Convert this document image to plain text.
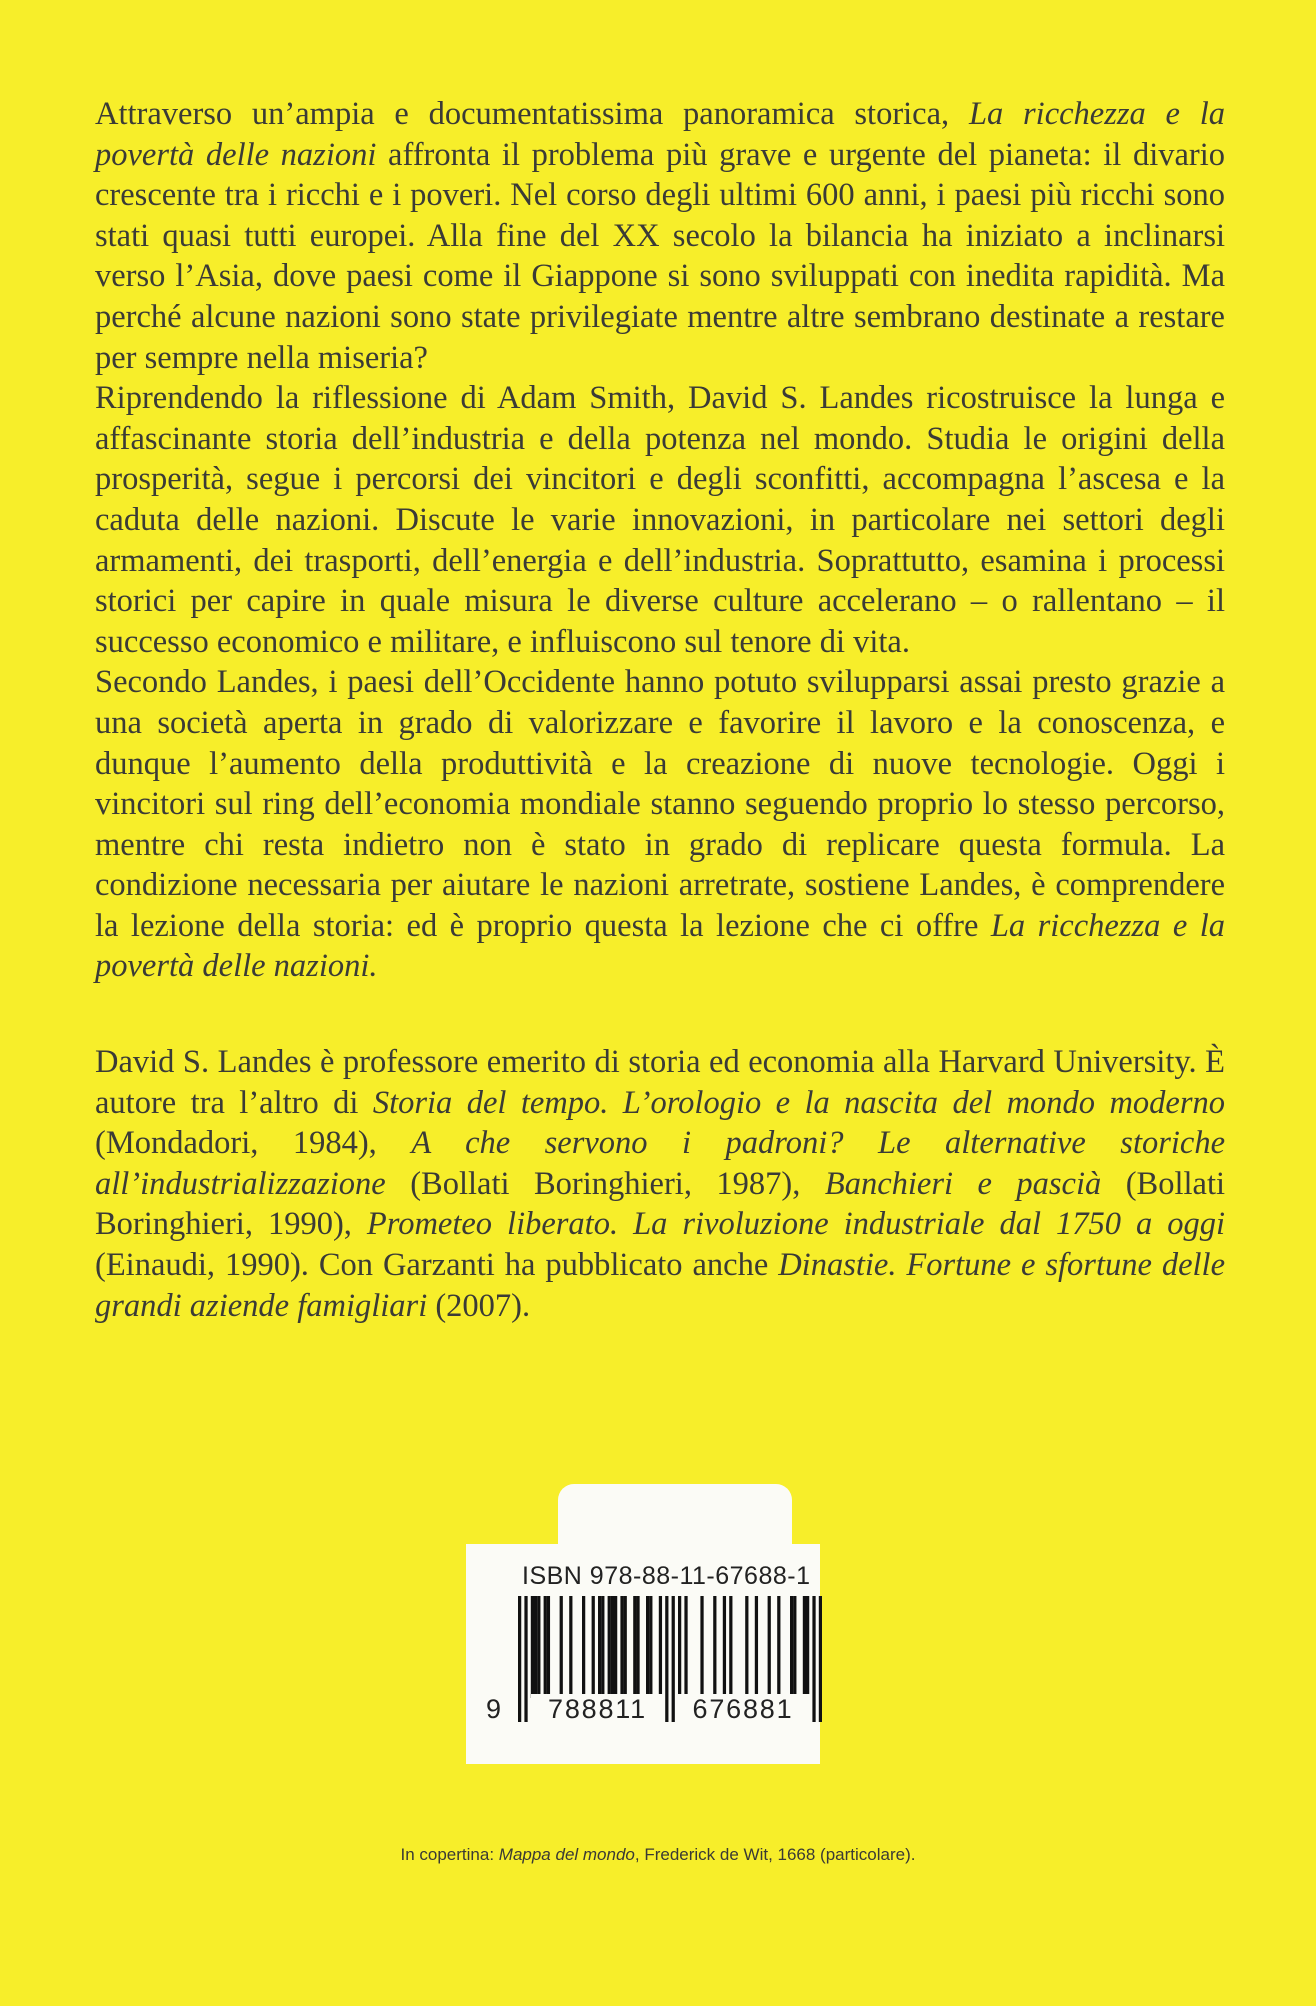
Attraverso un’ampia e documentatissima panoramica storica, La ricchezza e la povertà delle nazioni affronta il problema più grave e urgente del pianeta: il divario crescente tra i ricchi e i poveri. Nel corso degli ultimi 600 anni, i paesi più ricchi sono stati quasi tutti europei. Alla fine del XX secolo la bilancia ha iniziato a inclinarsi verso l’Asia, dove paesi come il Giappone si sono sviluppati con inedita rapidità. Ma perché alcune nazioni sono state privilegiate mentre altre sembrano destinate a restare per sempre nella miseria?

Riprendendo la riflessione di Adam Smith, David S. Landes ricostruisce la lunga e affascinante storia dell’industria e della potenza nel mondo. Studia le origini della prosperità, segue i percorsi dei vincitori e degli sconfitti, accompagna l’ascesa e la caduta delle nazioni. Discute le varie innovazioni, in particolare nei settori degli armamenti, dei trasporti, dell’energia e dell’industria. Soprattutto, esamina i processi storici per capire in quale misura le diverse culture accelerano – o rallentano – il successo economico e militare, e influiscono sul tenore di vita.

Secondo Landes, i paesi dell’Occidente hanno potuto svilupparsi assai presto grazie a una società aperta in grado di valorizzare e favorire il lavoro e la conoscenza, e dunque l’aumento della produttività e la creazione di nuove tecnologie. Oggi i vincitori sul ring dell’economia mondiale stanno seguendo proprio lo stesso percorso, mentre chi resta indietro non è stato in grado di replicare questa formula. La condizione necessaria per aiutare le nazioni arretrate, sostiene Landes, è comprendere la lezione della storia: ed è proprio questa la lezione che ci offre La ricchezza e la povertà delle nazioni.

David S. Landes è professore emerito di storia ed economia alla Harvard University. È autore tra l’altro di Storia del tempo. L’orologio e la nascita del mondo moderno (Mondadori, 1984), A che servono i padroni? Le alternative storiche all’industrializzazione (Bollati Boringhieri, 1987), Banchieri e pascià (Bollati Boringhieri, 1990), Prometeo liberato. La rivoluzione industriale dal 1750 a oggi (Einaudi, 1990). Con Garzanti ha pubblicato anche Dinastie. Fortune e sfortune delle grandi aziende famigliari (2007).

ISBN 978-88-11-67688-1
9	788811	676881
In copertina: Mappa del mondo, Frederick de Wit, 1668 (particolare).
